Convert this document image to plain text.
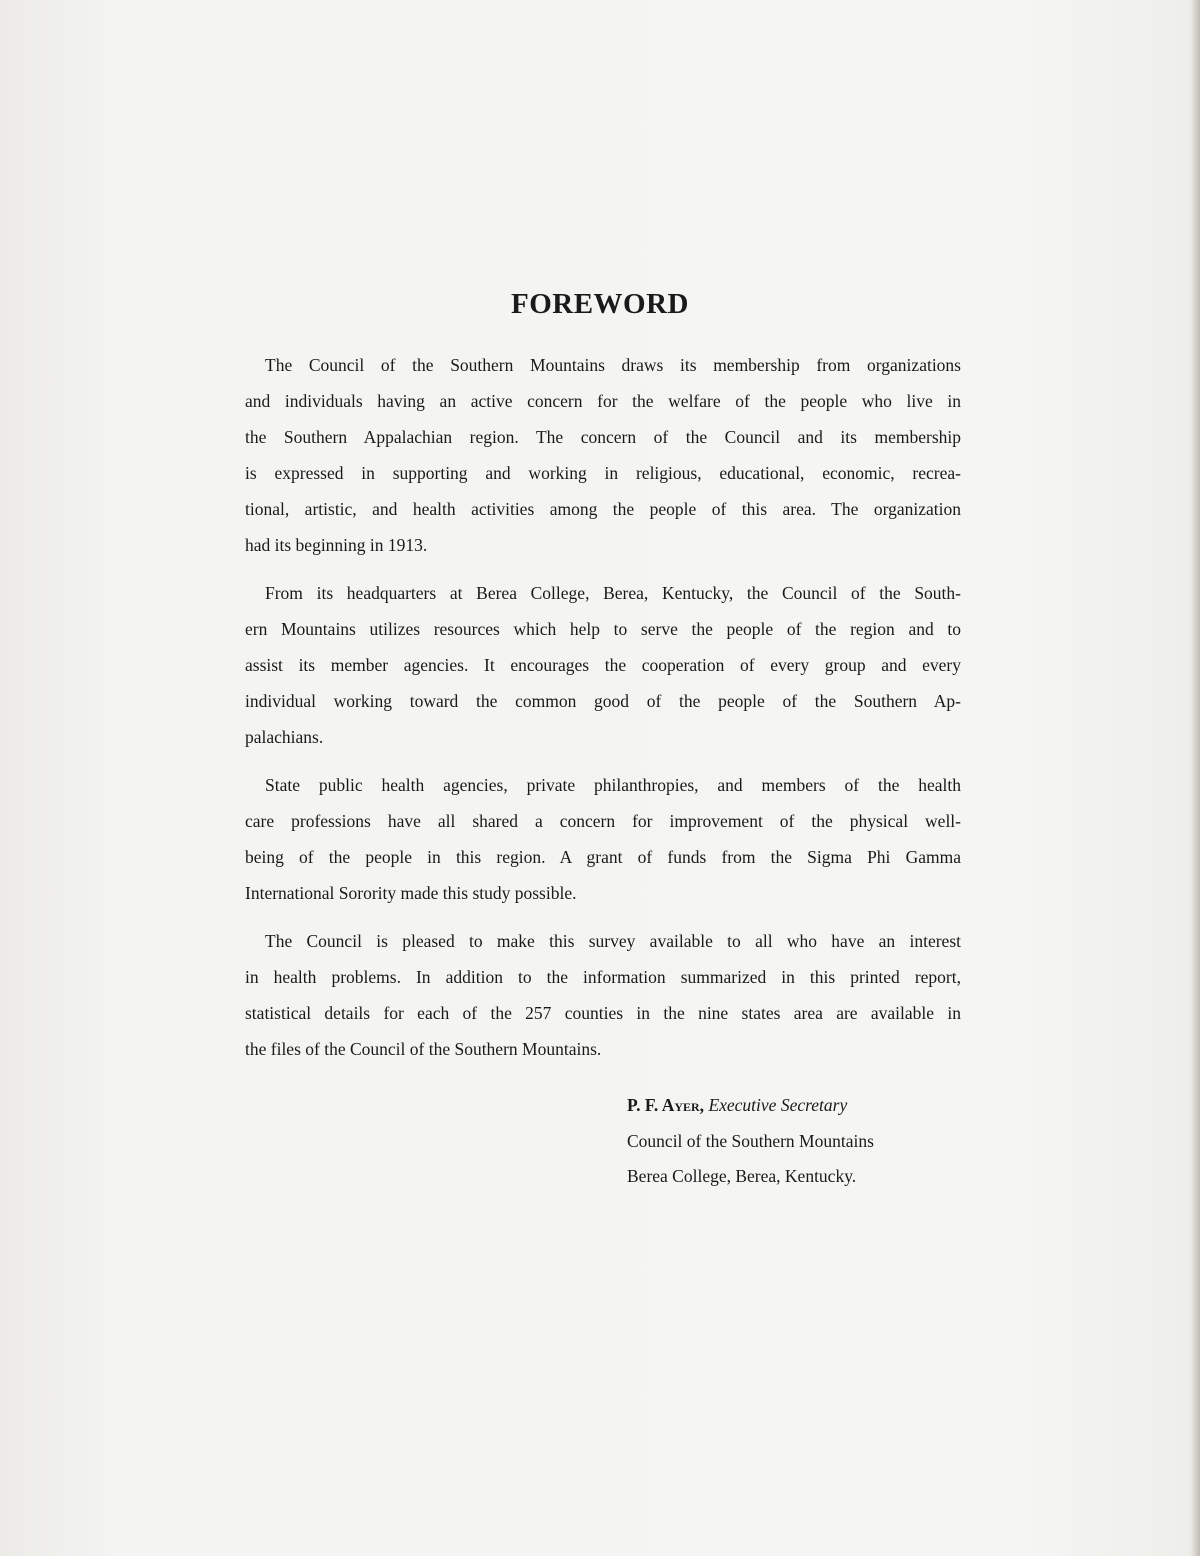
FOREWORD
The Council of the Southern Mountains draws its membership from organizations
and individuals having an active concern for the welfare of the people who live in
the Southern Appalachian region. The concern of the Council and its membership
is expressed in supporting and working in religious, educational, economic, recrea-
tional, artistic, and health activities among the people of this area. The organization
had its beginning in 1913.
From its headquarters at Berea College, Berea, Kentucky, the Council of the South-
ern Mountains utilizes resources which help to serve the people of the region and to
assist its member agencies. It encourages the cooperation of every group and every
individual working toward the common good of the people of the Southern Ap-
palachians.
State public health agencies, private philanthropies, and members of the health
care professions have all shared a concern for improvement of the physical well-
being of the people in this region. A grant of funds from the Sigma Phi Gamma
International Sorority made this study possible.
The Council is pleased to make this survey available to all who have an interest
in health problems. In addition to the information summarized in this printed report,
statistical details for each of the 257 counties in the nine states area are available in
the files of the Council of the Southern Mountains.
P. F. Ayer, Executive Secretary
Council of the Southern Mountains
Berea College, Berea, Kentucky.
